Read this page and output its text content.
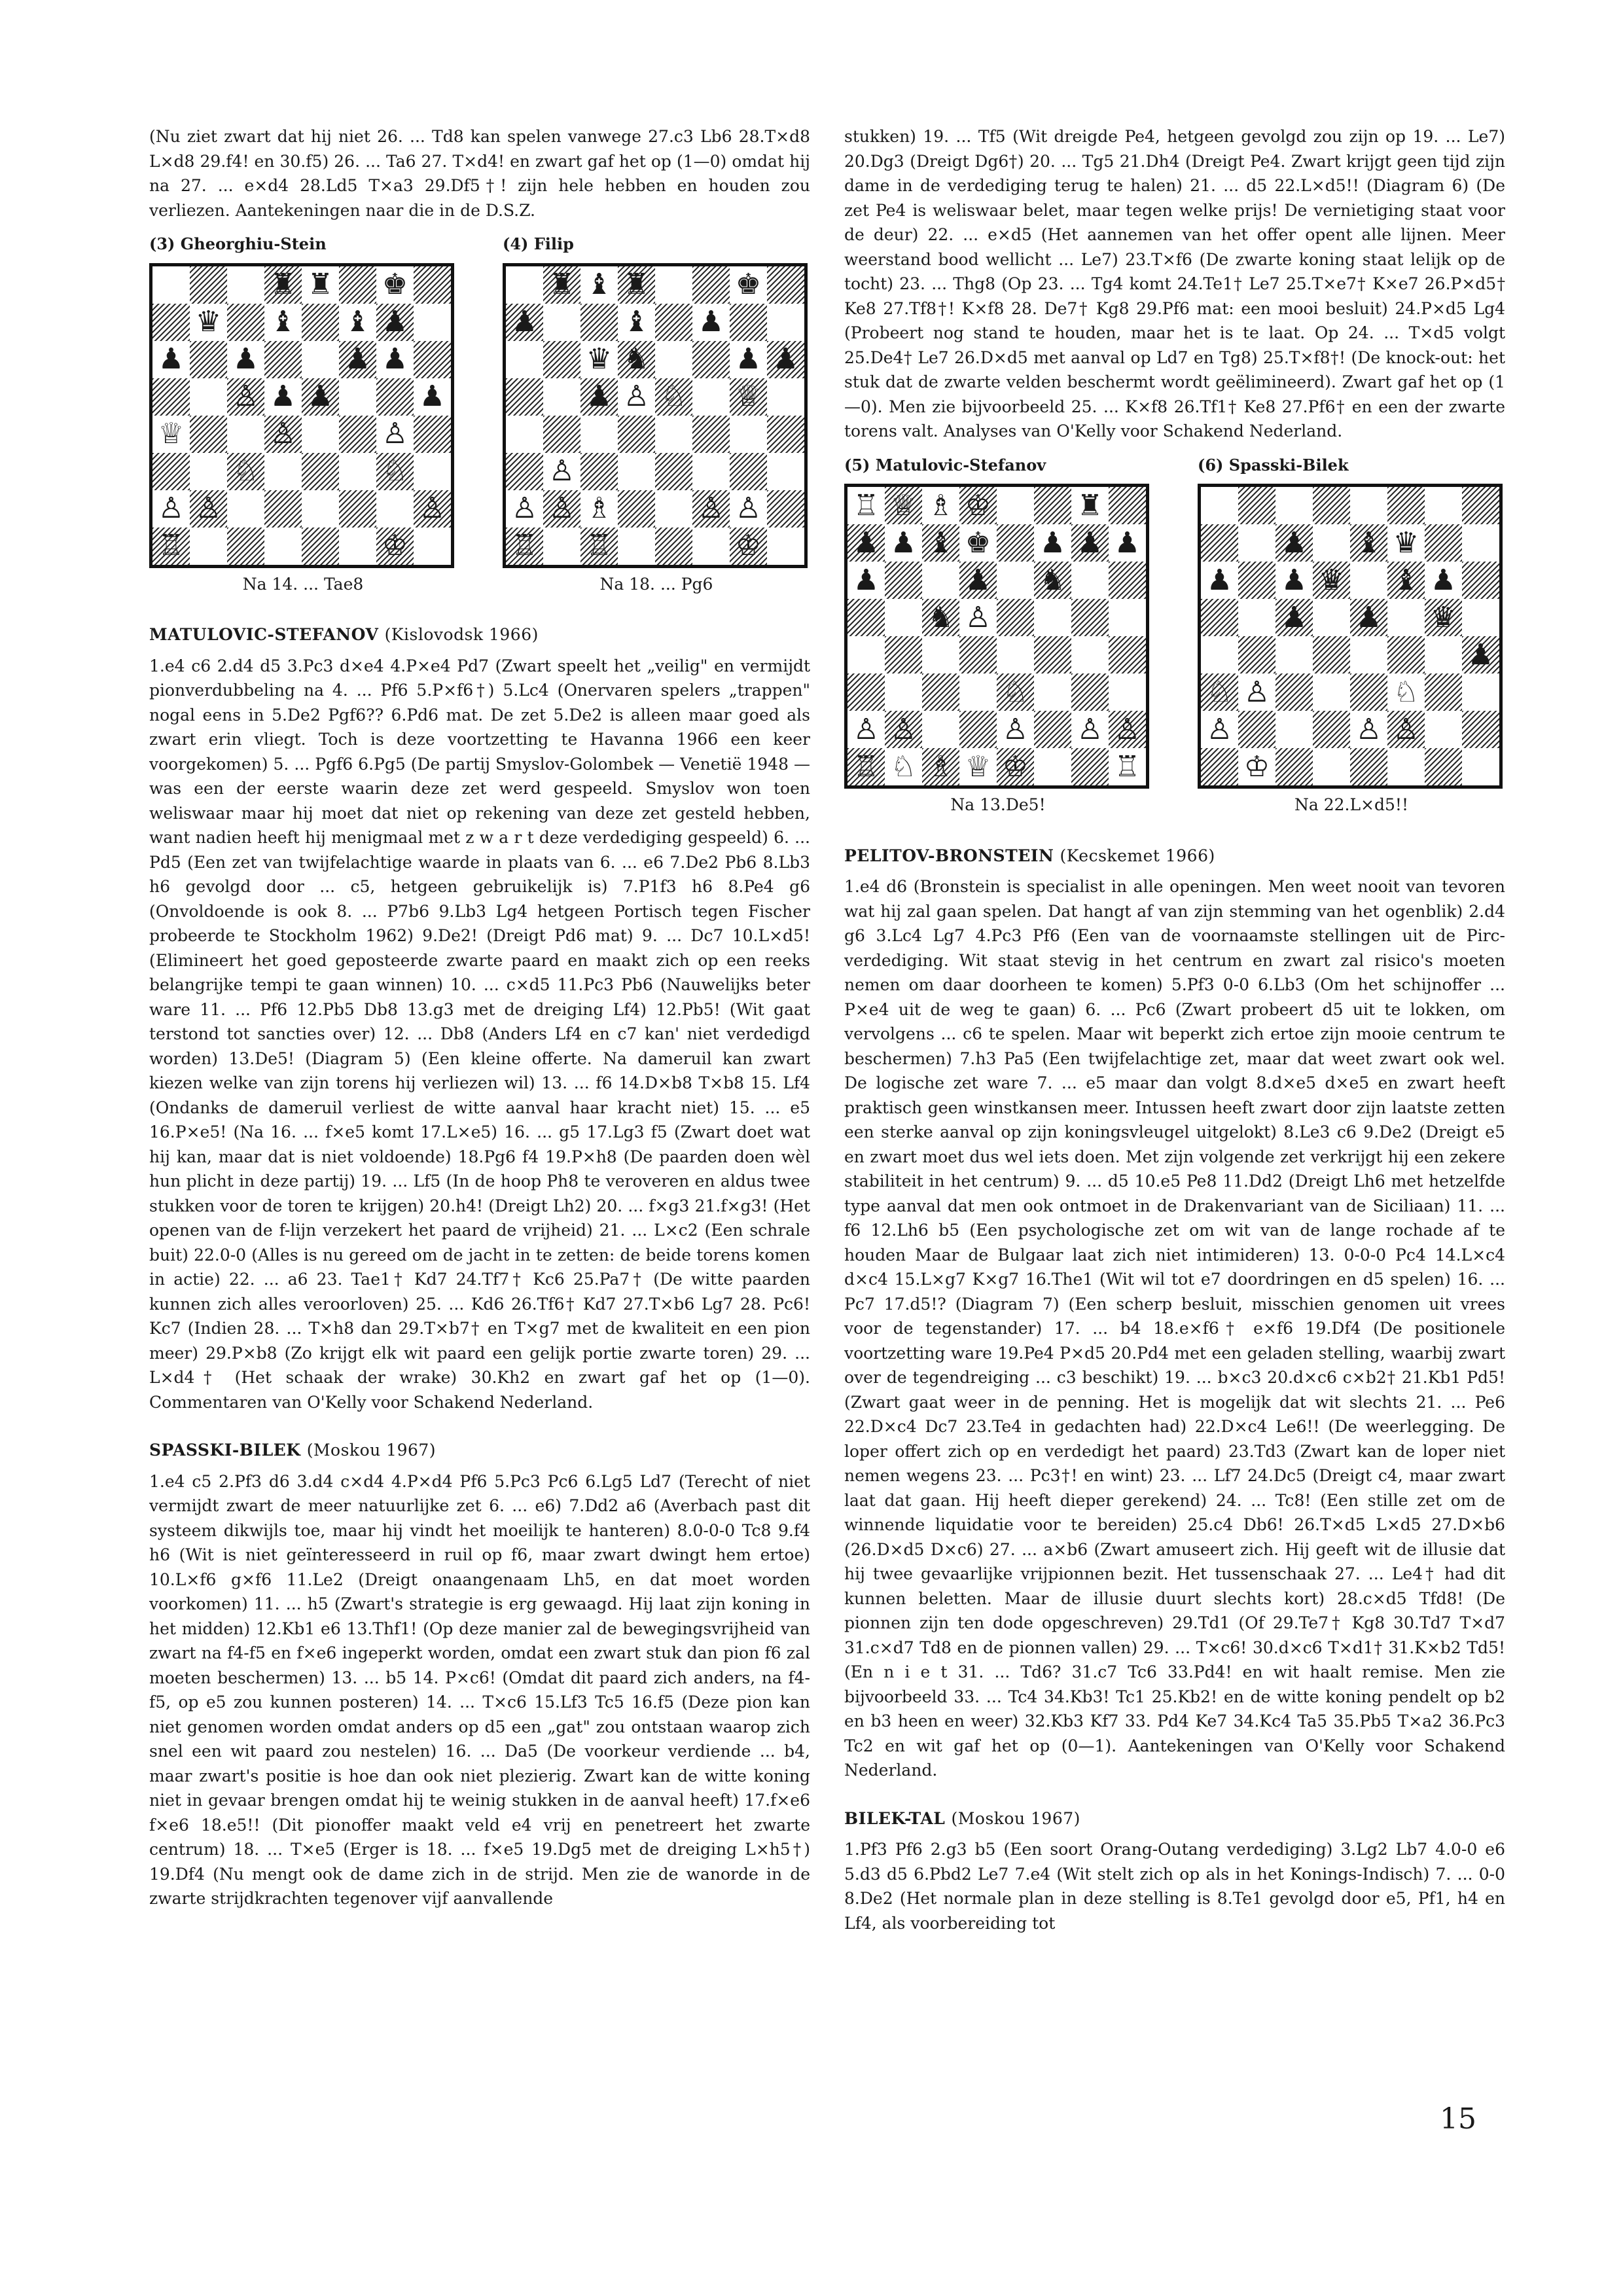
(Nu ziet zwart dat hij niet 26. ... Td8 kan spelen vanwege 27.c3 Lb6 28.T×d8 L×d8 29.f4! en 30.f5) 26. ... Ta6 27. T×d4! en zwart gaf het op (1—0) omdat hij na 27. ... e×d4 28.Ld5 T×a3 29.Df5†! zijn hele hebben en houden zou verliezen. Aantekeningen naar die in de D.S.Z.

(3) Gheorghiu-Stein
♜ ♜ ♚
♛ ♝ ♝ ♟
♟ ♟	♟ ♟
♙ ♟ ♟	♟
♕	♙	♙
♘	♘
♙ ♙	♙
♖	♔
Na 14. ... Tae8
(4) Filip
♜ ♝ ♜	♚
♟	♝ ♟
♛ ♞	♟ ♟
♟ ♙ ♘ ♕
♙
♙ ♙ ♗	♙ ♙
♖ ♖	♔
Na 18. ... Pg6

MATULOVIC-STEFANOV (Kislovodsk 1966)

1.e4 c6 2.d4 d5 3.Pc3 d×e4 4.P×e4 Pd7 (Zwart speelt het „veilig" en vermijdt pionverdubbeling na 4. ... Pf6 5.P×f6†) 5.Lc4 (Onervaren spelers „trappen" nogal eens in 5.De2 Pgf6?? 6.Pd6 mat. De zet 5.De2 is alleen maar goed als zwart erin vliegt. Toch is deze voortzetting te Havanna 1966 een keer voorgekomen) 5. ... Pgf6 6.Pg5 (De partij Smyslov-Golombek — Venetië 1948 — was een der eerste waarin deze zet werd gespeeld. Smyslov won toen weliswaar maar hij moet dat niet op rekening van deze zet gesteld hebben, want nadien heeft hij menigmaal met z w a r t deze verdediging gespeeld) 6. ... Pd5 (Een zet van twijfelachtige waarde in plaats van 6. ... e6 7.De2 Pb6 8.Lb3 h6 gevolgd door ... c5, hetgeen gebruikelijk is) 7.P1f3 h6 8.Pe4 g6 (Onvoldoende is ook 8. ... P7b6 9.Lb3 Lg4 hetgeen Portisch tegen Fischer probeerde te Stockholm 1962) 9.De2! (Dreigt Pd6 mat) 9. ... Dc7 10.L×d5! (Elimineert het goed geposteerde zwarte paard en maakt zich op een reeks belangrijke tempi te gaan winnen) 10. ... c×d5 11.Pc3 Pb6 (Nauwelijks beter ware 11. ... Pf6 12.Pb5 Db8 13.g3 met de dreiging Lf4) 12.Pb5! (Wit gaat terstond tot sancties over) 12. ... Db8 (Anders Lf4 en c7 kan' niet verdedigd worden) 13.De5! (Diagram 5) (Een kleine offerte. Na dameruil kan zwart kiezen welke van zijn torens hij verliezen wil) 13. ... f6 14.D×b8 T×b8 15. Lf4 (Ondanks de dameruil verliest de witte aanval haar kracht niet) 15. ... e5 16.P×e5! (Na 16. ... f×e5 komt 17.L×e5) 16. ... g5 17.Lg3 f5 (Zwart doet wat hij kan, maar dat is niet voldoende) 18.Pg6 f4 19.P×h8 (De paarden doen wèl hun plicht in deze partij) 19. ... Lf5 (In de hoop Ph8 te veroveren en aldus twee stukken voor de toren te krijgen) 20.h4! (Dreigt Lh2) 20. ... f×g3 21.f×g3! (Het openen van de f-lijn verzekert het paard de vrijheid) 21. ... L×c2 (Een schrale buit) 22.0-0 (Alles is nu gereed om de jacht in te zetten: de beide torens komen in actie) 22. ... a6 23. Tae1† Kd7 24.Tf7† Kc6 25.Pa7† (De witte paarden kunnen zich alles veroorloven) 25. ... Kd6 26.Tf6† Kd7 27.T×b6 Lg7 28. Pc6! Kc7 (Indien 28. ... T×h8 dan 29.T×b7† en T×g7 met de kwaliteit en een pion meer) 29.P×b8 (Zo krijgt elk wit paard een gelijk portie zwarte toren) 29. ... L×d4† (Het schaak der wrake) 30.Kh2 en zwart gaf het op (1—0). Commentaren van O'Kelly voor Schakend Nederland.

SPASSKI-BILEK (Moskou 1967)

1.e4 c5 2.Pf3 d6 3.d4 c×d4 4.P×d4 Pf6 5.Pc3 Pc6 6.Lg5 Ld7 (Terecht of niet vermijdt zwart de meer natuurlijke zet 6. ... e6) 7.Dd2 a6 (Averbach past dit systeem dikwijls toe, maar hij vindt het moeilijk te hanteren) 8.0-0-0 Tc8 9.f4 h6 (Wit is niet geïnteresseerd in ruil op f6, maar zwart dwingt hem ertoe) 10.L×f6 g×f6 11.Le2 (Dreigt onaangenaam Lh5, en dat moet worden voorkomen) 11. ... h5 (Zwart's strategie is erg gewaagd. Hij laat zijn koning in het midden) 12.Kb1 e6 13.Thf1! (Op deze manier zal de bewegingsvrijheid van zwart na f4-f5 en f×e6 ingeperkt worden, omdat een zwart stuk dan pion f6 zal moeten beschermen) 13. ... b5 14. P×c6! (Omdat dit paard zich anders, na f4-f5, op e5 zou kunnen posteren) 14. ... T×c6 15.Lf3 Tc5 16.f5 (Deze pion kan niet genomen worden omdat anders op d5 een „gat" zou ontstaan waarop zich snel een wit paard zou nestelen) 16. ... Da5 (De voorkeur verdiende ... b4, maar zwart's positie is hoe dan ook niet plezierig. Zwart kan de witte koning niet in gevaar brengen omdat hij te weinig stukken in de aanval heeft) 17.f×e6 f×e6 18.e5!! (Dit pionoffer maakt veld e4 vrij en penetreert het zwarte centrum) 18. ... T×e5 (Erger is 18. ... f×e5 19.Dg5 met de dreiging L×h5†) 19.Df4 (Nu mengt ook de dame zich in de strijd. Men zie de wanorde in de zwarte strijdkrachten tegenover vijf aanvallende

stukken) 19. ... Tf5 (Wit dreigde Pe4, hetgeen gevolgd zou zijn op 19. ... Le7) 20.Dg3 (Dreigt Dg6†) 20. ... Tg5 21.Dh4 (Dreigt Pe4. Zwart krijgt geen tijd zijn dame in de verdediging terug te halen) 21. ... d5 22.L×d5!! (Diagram 6) (De zet Pe4 is weliswaar belet, maar tegen welke prijs! De vernietiging staat voor de deur) 22. ... e×d5 (Het aannemen van het offer opent alle lijnen. Meer weerstand bood wellicht ... Le7) 23.T×f6 (De zwarte koning staat lelijk op de tocht) 23. ... Thg8 (Op 23. ... Tg4 komt 24.Te1† Le7 25.T×e7† K×e7 26.P×d5† Ke8 27.Tf8†! K×f8 28. De7† Kg8 29.Pf6 mat: een mooi besluit) 24.P×d5 Lg4 (Probeert nog stand te houden, maar het is te laat. Op 24. ... T×d5 volgt 25.De4† Le7 26.D×d5 met aanval op Ld7 en Tg8) 25.T×f8†! (De knock-out: het stuk dat de zwarte velden beschermt wordt geëlimineerd). Zwart gaf het op (1—0). Men zie bijvoorbeeld 25. ... K×f8 26.Tf1† Ke8 27.Pf6† en een der zwarte torens valt. Analyses van O'Kelly voor Schakend Nederland.

(5) Matulovic-Stefanov
♖ ♕ ♗ ♔	♜
♟ ♟ ♝ ♚ ♟ ♟ ♟
♟	♟ ♞
♞ ♙
♘
♙ ♙	♙ ♙ ♙
♖ ♘ ♗ ♕ ♔	♖
Na 13.De5!
(6) Spasski-Bilek
♟ ♝ ♛
♟ ♟ ♛ ♝ ♟
♟ ♟ ♛
♟
♘ ♙	♘
♙	♙ ♙
♔
Na 22.L×d5!!

PELITOV-BRONSTEIN (Kecskemet 1966)

1.e4 d6 (Bronstein is specialist in alle openingen. Men weet nooit van tevoren wat hij zal gaan spelen. Dat hangt af van zijn stemming van het ogenblik) 2.d4 g6 3.Lc4 Lg7 4.Pc3 Pf6 (Een van de voornaamste stellingen uit de Pirc-verdediging. Wit staat stevig in het centrum en zwart zal risico's moeten nemen om daar doorheen te komen) 5.Pf3 0-0 6.Lb3 (Om het schijnoffer ... P×e4 uit de weg te gaan) 6. ... Pc6 (Zwart probeert d5 uit te lokken, om vervolgens ... c6 te spelen. Maar wit beperkt zich ertoe zijn mooie centrum te beschermen) 7.h3 Pa5 (Een twijfelachtige zet, maar dat weet zwart ook wel. De logische zet ware 7. ... e5 maar dan volgt 8.d×e5 d×e5 en zwart heeft praktisch geen winstkansen meer. Intussen heeft zwart door zijn laatste zetten een sterke aanval op zijn koningsvleugel uitgelokt) 8.Le3 c6 9.De2 (Dreigt e5 en zwart moet dus wel iets doen. Met zijn volgende zet verkrijgt hij een zekere stabiliteit in het centrum) 9. ... d5 10.e5 Pe8 11.Dd2 (Dreigt Lh6 met hetzelfde type aanval dat men ook ontmoet in de Drakenvariant van de Siciliaan) 11. ... f6 12.Lh6 b5 (Een psychologische zet om wit van de lange rochade af te houden Maar de Bulgaar laat zich niet intimideren) 13. 0-0-0 Pc4 14.L×c4 d×c4 15.L×g7 K×g7 16.The1 (Wit wil tot e7 doordringen en d5 spelen) 16. ... Pc7 17.d5!? (Diagram 7) (Een scherp besluit, misschien genomen uit vrees voor de tegenstander) 17. ... b4 18.e×f6† e×f6 19.Df4 (De positionele voortzetting ware 19.Pe4 P×d5 20.Pd4 met een geladen stelling, waarbij zwart over de tegendreiging ... c3 beschikt) 19. ... b×c3 20.d×c6 c×b2† 21.Kb1 Pd5! (Zwart gaat weer in de penning. Het is mogelijk dat wit slechts 21. ... Pe6 22.D×c4 Dc7 23.Te4 in gedachten had) 22.D×c4 Le6!! (De weerlegging. De loper offert zich op en verdedigt het paard) 23.Td3 (Zwart kan de loper niet nemen wegens 23. ... Pc3†! en wint) 23. ... Lf7 24.Dc5 (Dreigt c4, maar zwart laat dat gaan. Hij heeft dieper gerekend) 24. ... Tc8! (Een stille zet om de winnende liquidatie voor te bereiden) 25.c4 Db6! 26.T×d5 L×d5 27.D×b6 (26.D×d5 D×c6) 27. ... a×b6 (Zwart amuseert zich. Hij geeft wit de illusie dat hij twee gevaarlijke vrijpionnen bezit. Het tussenschaak 27. ... Le4† had dit kunnen beletten. Maar de illusie duurt slechts kort) 28.c×d5 Tfd8! (De pionnen zijn ten dode opgeschreven) 29.Td1 (Of 29.Te7† Kg8 30.Td7 T×d7 31.c×d7 Td8 en de pionnen vallen) 29. ... T×c6! 30.d×c6 T×d1† 31.K×b2 Td5! (En n i e t 31. ... Td6? 31.c7 Tc6 33.Pd4! en wit haalt remise. Men zie bijvoorbeeld 33. ... Tc4 34.Kb3! Tc1 25.Kb2! en de witte koning pendelt op b2 en b3 heen en weer) 32.Kb3 Kf7 33. Pd4 Ke7 34.Kc4 Ta5 35.Pb5 T×a2 36.Pc3 Tc2 en wit gaf het op (0—1). Aantekeningen van O'Kelly voor Schakend Nederland.

BILEK-TAL (Moskou 1967)

1.Pf3 Pf6 2.g3 b5 (Een soort Orang-Outang verdediging) 3.Lg2 Lb7 4.0-0 e6 5.d3 d5 6.Pbd2 Le7 7.e4 (Wit stelt zich op als in het Konings-Indisch) 7. ... 0-0 8.De2 (Het normale plan in deze stelling is 8.Te1 gevolgd door e5, Pf1, h4 en Lf4, als voorbereiding tot

15
